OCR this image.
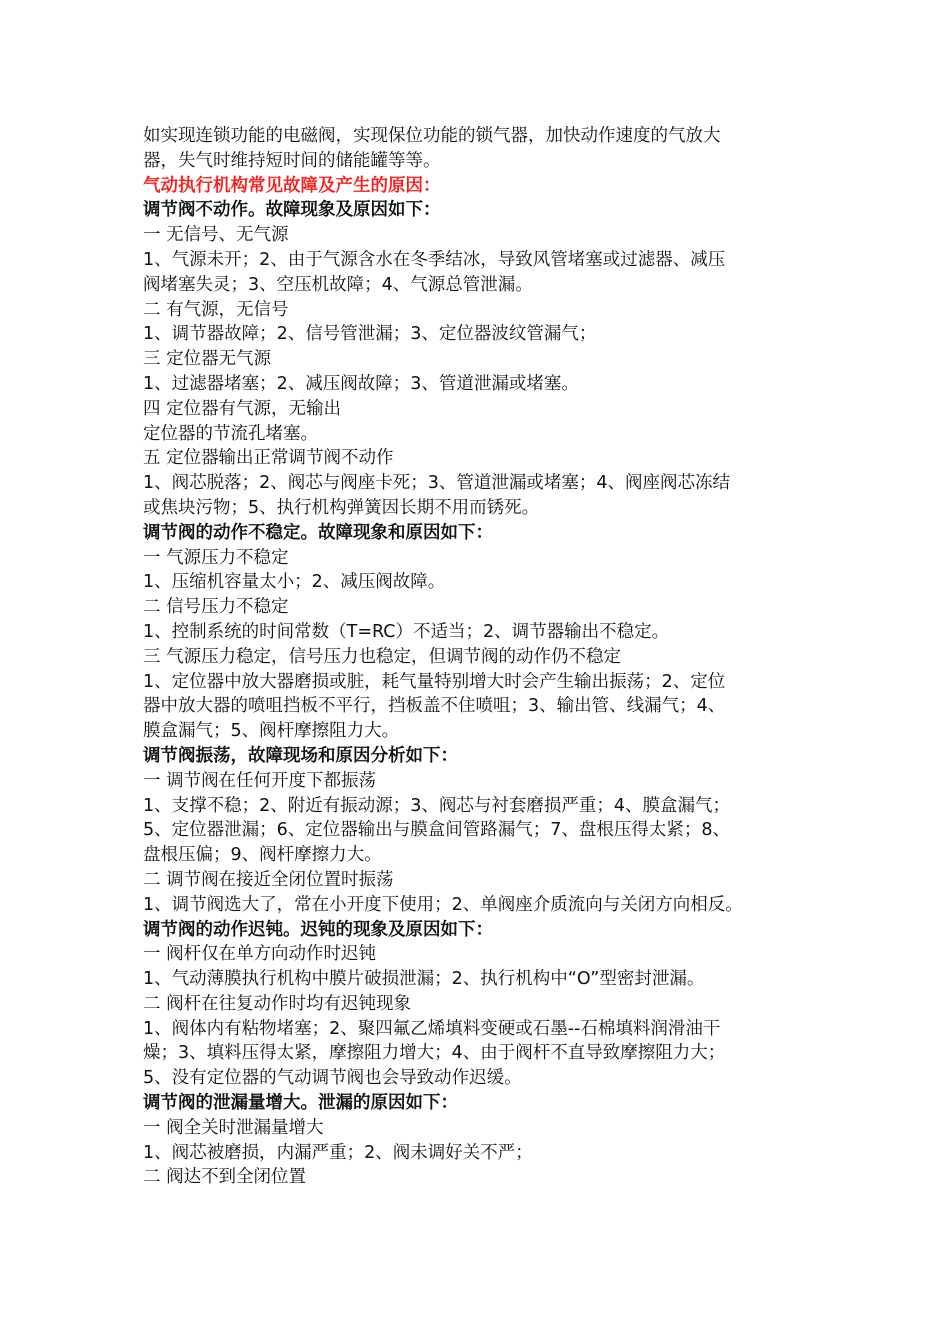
如实现连锁功能的电磁阀，实现保位功能的锁气器，加快动作速度的气放大
器，失气时维持短时间的储能罐等等。
气动执行机构常见故障及产生的原因：
调节阀不动作。故障现象及原因如下：
一 无信号、无气源
1、气源未开；2、由于气源含水在冬季结冰，导致风管堵塞或过滤器、减压
阀堵塞失灵；3、空压机故障；4、气源总管泄漏。
二 有气源，无信号
1、调节器故障；2、信号管泄漏；3、定位器波纹管漏气；
三 定位器无气源
1、过滤器堵塞；2、减压阀故障；3、管道泄漏或堵塞。
四 定位器有气源，无输出
定位器的节流孔堵塞。
五 定位器输出正常调节阀不动作
1、阀芯脱落；2、阀芯与阀座卡死；3、管道泄漏或堵塞；4、阀座阀芯冻结
或焦块污物；5、执行机构弹簧因长期不用而锈死。
调节阀的动作不稳定。故障现象和原因如下：
一 气源压力不稳定
1、压缩机容量太小；2、减压阀故障。
二 信号压力不稳定
1、控制系统的时间常数（T=RC）不适当；2、调节器输出不稳定。
三 气源压力稳定，信号压力也稳定，但调节阀的动作仍不稳定
1、定位器中放大器磨损或脏，耗气量特别增大时会产生输出振荡；2、定位
器中放大器的喷咀挡板不平行，挡板盖不住喷咀；3、输出管、线漏气；4、
膜盒漏气；5、阀杆摩擦阻力大。
调节阀振荡，故障现场和原因分析如下：
一 调节阀在任何开度下都振荡
1、支撑不稳；2、附近有振动源；3、阀芯与衬套磨损严重；4、膜盒漏气；
5、定位器泄漏；6、定位器输出与膜盒间管路漏气；7、盘根压得太紧；8、
盘根压偏；9、阀杆摩擦力大。
二 调节阀在接近全闭位置时振荡
1、调节阀选大了，常在小开度下使用；2、单阀座介质流向与关闭方向相反。
调节阀的动作迟钝。迟钝的现象及原因如下：
一 阀杆仅在单方向动作时迟钝
1、气动薄膜执行机构中膜片破损泄漏；2、执行机构中“O”型密封泄漏。
二 阀杆在往复动作时均有迟钝现象
1、阀体内有粘物堵塞；2、聚四氟乙烯填料变硬或石墨--石棉填料润滑油干
燥；3、填料压得太紧，摩擦阻力增大；4、由于阀杆不直导致摩擦阻力大；
5、没有定位器的气动调节阀也会导致动作迟缓。
调节阀的泄漏量增大。泄漏的原因如下：
一 阀全关时泄漏量增大
1、阀芯被磨损，内漏严重；2、阀未调好关不严；
二 阀达不到全闭位置
